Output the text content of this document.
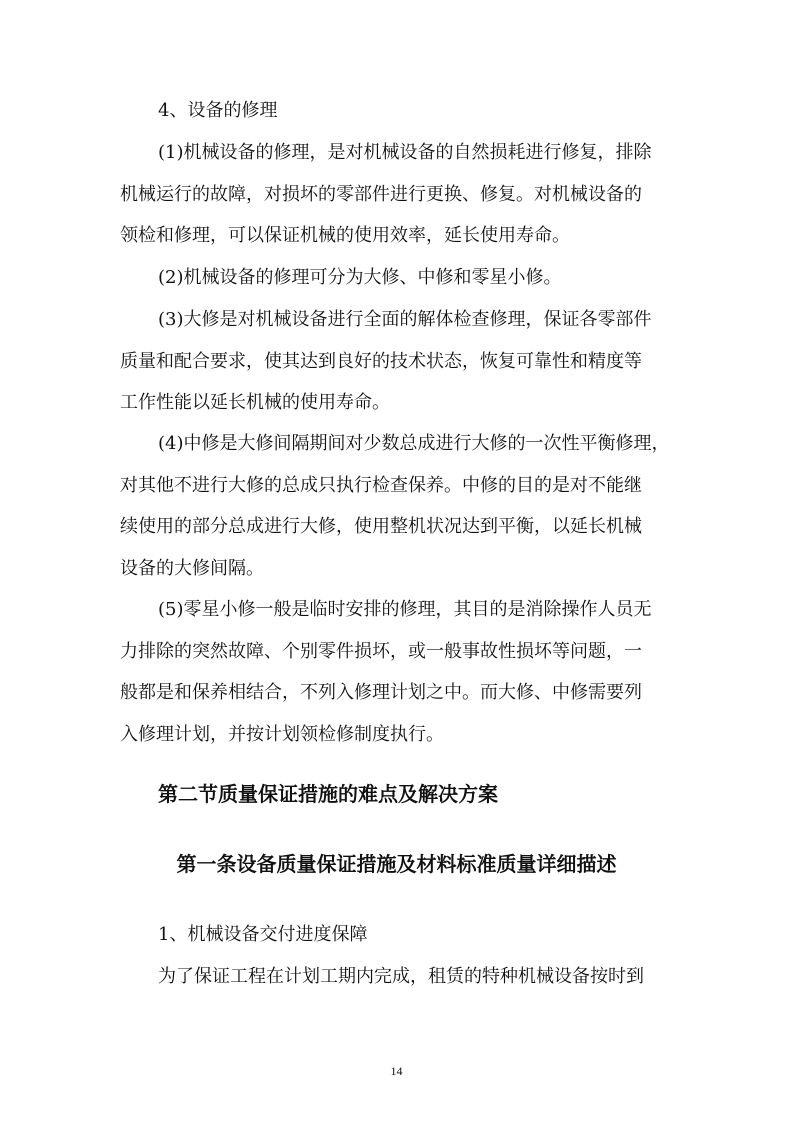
4、设备的修理

(1)机械设备的修理，是对机械设备的自然损耗进行修复，排除
机械运行的故障，对损坏的零部件进行更换、修复。对机械设备的
领检和修理，可以保证机械的使用效率，延长使用寿命。

(2)机械设备的修理可分为大修、中修和零星小修。

(3)大修是对机械设备进行全面的解体检查修理，保证各零部件
质量和配合要求，使其达到良好的技术状态，恢复可靠性和精度等
工作性能以延长机械的使用寿命。

(4)中修是大修间隔期间对少数总成进行大修的一次性平衡修理，
对其他不进行大修的总成只执行检查保养。中修的目的是对不能继
续使用的部分总成进行大修，使用整机状况达到平衡，以延长机械
设备的大修间隔。

(5)零星小修一般是临时安排的修理，其目的是消除操作人员无
力排除的突然故障、个别零件损坏，或一般事故性损坏等问题，一
般都是和保养相结合，不列入修理计划之中。而大修、中修需要列
入修理计划，并按计划领检修制度执行。

第二节质量保证措施的难点及解决方案
第一条设备质量保证措施及材料标准质量详细描述

1、机械设备交付进度保障

为了保证工程在计划工期内完成，租赁的特种机械设备按时到

14
